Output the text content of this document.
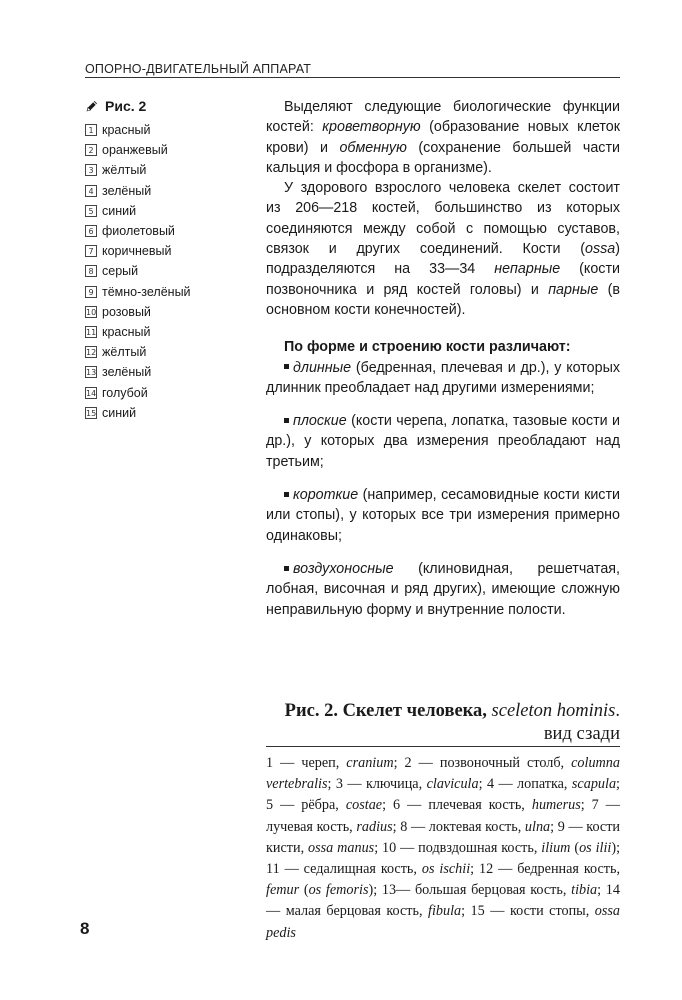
ОПОРНО-ДВИГАТЕЛЬНЫЙ АППАРАТ
Рис. 2
1 красный
2 оранжевый
3 жёлтый
4 зелёный
5 синий
6 фиолетовый
7 коричневый
8 серый
9 тёмно-зелёный
10 розовый
11 красный
12 жёлтый
13 зелёный
14 голубой
15 синий

Выделяют следующие биологические функции костей: кроветворную (образование новых клеток крови) и обменную (сохранение большей части кальция и фосфора в организме).

У здорового взрослого человека скелет состоит из 206—218 костей, большинство из которых соединяются между собой с помощью суставов, связок и других соединений. Кости (ossa) подразделяются на 33—34 непарные (кости позвоночника и ряд костей головы) и парные (в основном кости конечностей).

По форме и строению кости различают:

длинные (бедренная, плечевая и др.), у которых длинник преобладает над другими измерениями;

плоские (кости черепа, лопатка, тазовые кости и др.), у которых два измерения преобладают над третьим;

короткие (например, сесамовидные кости кисти или стопы), у которых все три измерения примерно одинаковы;

воздухоносные (клиновидная, решетчатая, лобная, височная и ряд других), имеющие сложную неправильную форму и внутренние полости.

Рис. 2. Скелет человека, sceleton hominis. вид сзади

1 — череп, cranium; 2 — позвоночный столб, columna vertebralis; 3 — ключица, clavicula; 4 — лопатка, scapula; 5 — рёбра, costae; 6 — плечевая кость, humerus; 7 — лучевая кость, radius; 8 — локтевая кость, ulna; 9 — кости кисти, ossa manus; 10 — подвздошная кость, ilium (os ilii); 11 — седалищная кость, os ischii; 12 — бедренная кость, femur (os femoris); 13— большая берцовая кость, tibia; 14 — малая берцовая кость, fibula; 15 — кости стопы, ossa pedis

8
